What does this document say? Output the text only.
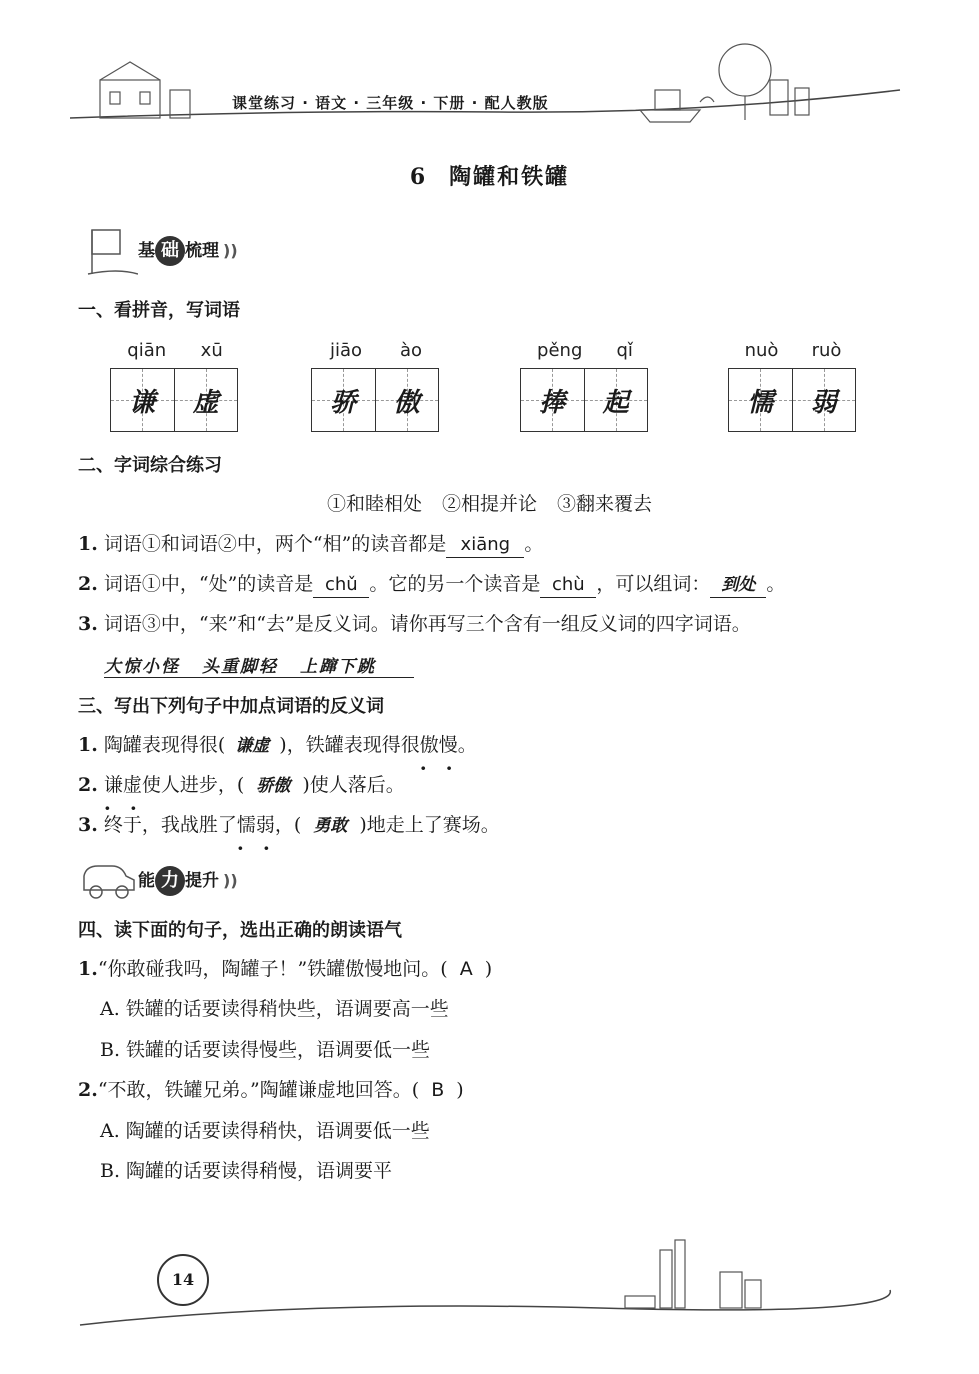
课堂练习 · 语文 · 三年级 · 下册 · 配人教版
6 陶罐和铁罐
基 础 梳理 ))
一、看拼音，写词语
qiān xū
谦 虚
jiāo ào
骄 傲
pěng qǐ
捧 起
nuò ruò
懦 弱
二、字词综合练习
①和睦相处 ②相提并论 ③翻来覆去
1. 词语①和词语②中，两个“相”的读音都是 xiāng 。
2. 词语①中，“处”的读音是 chǔ 。它的另一个读音是 chù ，可以组词： 到处 。
3. 词语③中，“来”和“去”是反义词。请你再写三个含有一组反义词的四字词语。
大惊小怪 头重脚轻 上蹿下跳
三、写出下列句子中加点词语的反义词
1. 陶罐表现得很( 谦虚 )，铁罐表现得很傲慢 · ·。
2. 谦虚 · ·使人进步，( 骄傲 )使人落后。
3. 终于，我战胜了懦弱 · ·，( 勇敢 )地走上了赛场。
能 力 提升 ))
四、读下面的句子，选出正确的朗读语气
1.“你敢碰我吗，陶罐子！”铁罐傲慢地问。( A )
A. 铁罐的话要读得稍快些，语调要高一些
B. 铁罐的话要读得慢些，语调要低一些
2.“不敢，铁罐兄弟。”陶罐谦虚地回答。( B )
A. 陶罐的话要读得稍快，语调要低一些
B. 陶罐的话要读得稍慢，语调要平
14
